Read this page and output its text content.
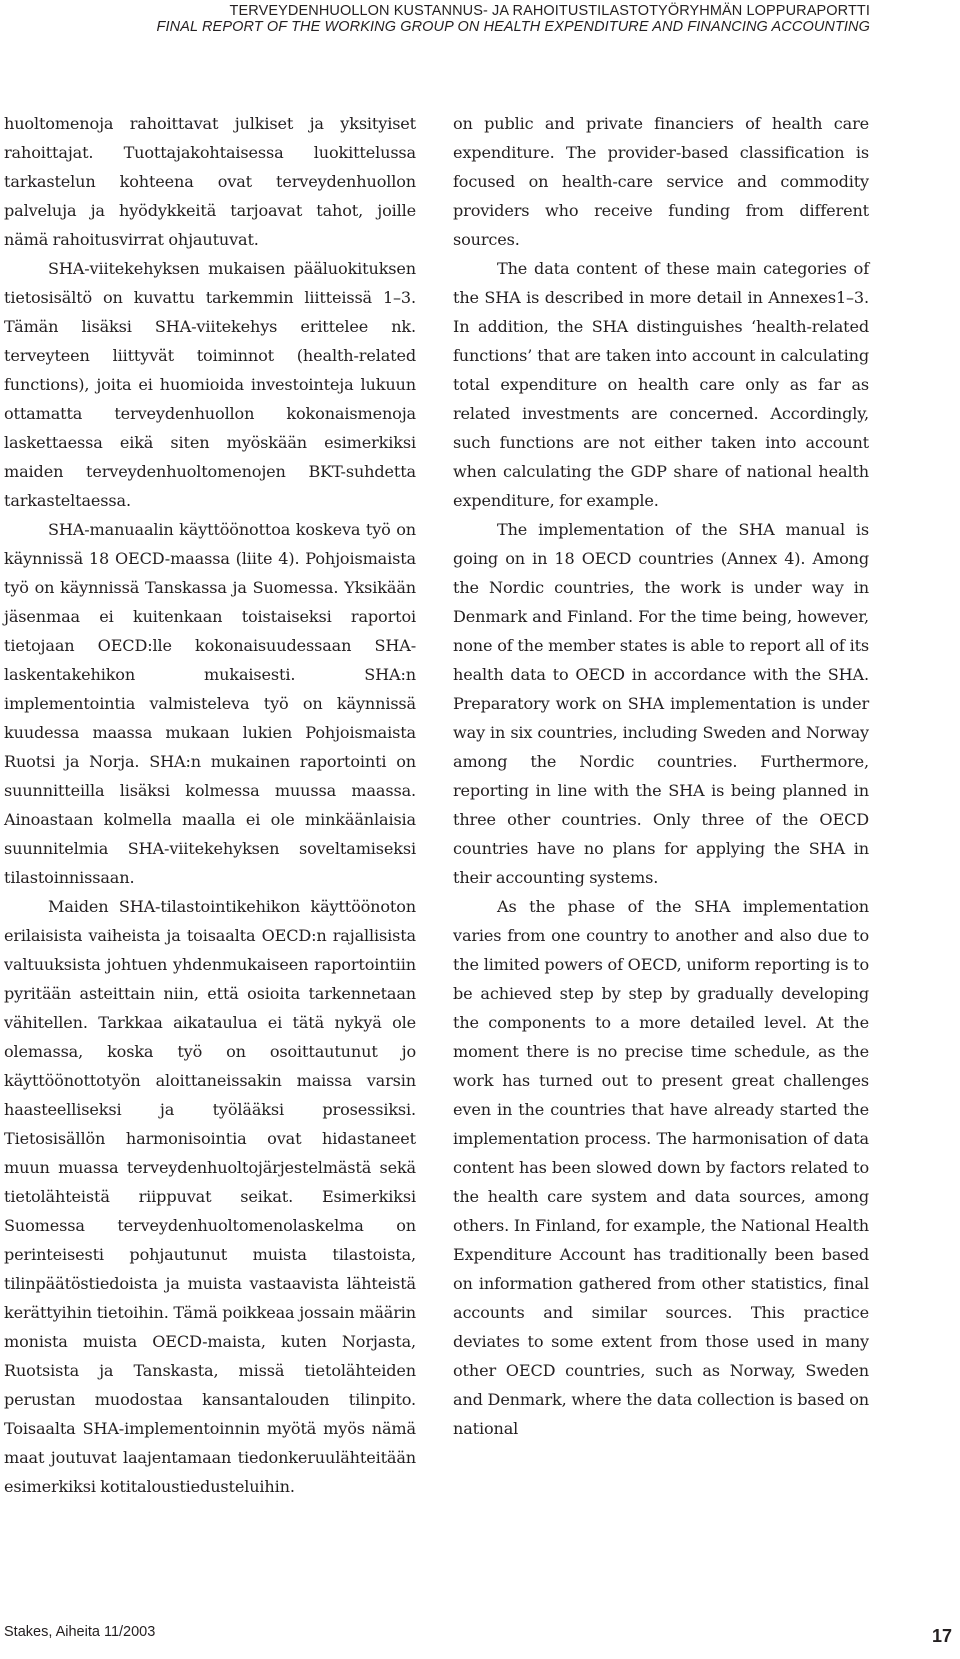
TERVEYDENHUOLLON KUSTANNUS- JA RAHOITUSTILASTOTYÖRYHMÄN LOPPURAPORTTI
FINAL REPORT OF THE WORKING GROUP ON HEALTH EXPENDITURE AND FINANCING ACCOUNTING

huoltomenoja rahoittavat julkiset ja yksityiset rahoittajat. Tuottajakohtaisessa luokittelussa tarkastelun kohteena ovat terveydenhuollon palveluja ja hyödykkeitä tarjoavat tahot, joille nämä rahoitusvirrat ohjautuvat.

SHA-viitekehyksen mukaisen pääluokituksen tietosisältö on kuvattu tarkemmin liitteissä 1–3. Tämän lisäksi SHA-viitekehys erittelee nk. terveyteen liittyvät toiminnot (health-related functions), joita ei huomioida investointeja lukuun ottamatta terveydenhuollon kokonaismenoja laskettaessa eikä siten myöskään esimerkiksi maiden terveydenhuoltomenojen BKT-suhdetta tarkasteltaessa.

SHA-manuaalin käyttöönottoa koskeva työ on käynnissä 18 OECD-maassa (liite 4). Pohjoismaista työ on käynnissä Tanskassa ja Suomessa. Yksikään jäsenmaa ei kuitenkaan toistaiseksi raportoi tietojaan OECD:lle kokonaisuudessaan SHA-laskentakehikon mukaisesti. SHA:n implementointia valmisteleva työ on käynnissä kuudessa maassa mukaan lukien Pohjoismaista Ruotsi ja Norja. SHA:n mukainen raportointi on suunnitteilla lisäksi kolmessa muussa maassa. Ainoastaan kolmella maalla ei ole minkäänlaisia suunnitelmia SHA-viitekehyksen soveltamiseksi tilastoinnissaan.

Maiden SHA-tilastointikehikon käyttöönoton erilaisista vaiheista ja toisaalta OECD:n rajallisista valtuuksista johtuen yhdenmukaiseen raportointiin pyritään asteittain niin, että osioita tarkennetaan vähitellen. Tarkkaa aikataulua ei tätä nykyä ole olemassa, koska työ on osoittautunut jo käyttöönottotyön aloittaneissakin maissa varsin haasteelliseksi ja työlääksi prosessiksi. Tietosisällön harmonisointia ovat hidastaneet muun muassa terveydenhuoltojärjestelmästä sekä tietolähteistä riippuvat seikat. Esimerkiksi Suomessa terveydenhuoltomenolaskelma on perinteisesti pohjautunut muista tilastoista, tilinpäätöstiedoista ja muista vastaavista lähteistä kerättyihin tietoihin. Tämä poikkeaa jossain määrin monista muista OECD-maista, kuten Norjasta, Ruotsista ja Tanskasta, missä tietolähteiden perustan muodostaa kansantalouden tilinpito. Toisaalta SHA-implementoinnin myötä myös nämä maat joutuvat laajentamaan tiedonkeruulähteitään esimerkiksi kotitaloustiedusteluihin.

on public and private financiers of health care expenditure. The provider-based classification is focused on health-care service and commodity providers who receive funding from different sources.

The data content of these main categories of the SHA is described in more detail in Annexes1–3. In addition, the SHA distinguishes ‘health-related functions’ that are taken into account in calculating total expenditure on health care only as far as related investments are concerned. Accordingly, such functions are not either taken into account when calculating the GDP share of national health expenditure, for example.

The implementation of the SHA manual is going on in 18 OECD countries (Annex 4). Among the Nordic countries, the work is under way in Denmark and Finland. For the time being, however, none of the member states is able to report all of its health data to OECD in accordance with the SHA. Preparatory work on SHA implementation is under way in six countries, including Sweden and Norway among the Nordic countries. Furthermore, reporting in line with the SHA is being planned in three other countries. Only three of the OECD countries have no plans for applying the SHA in their accounting systems.

As the phase of the SHA implementation varies from one country to another and also due to the limited powers of OECD, uniform reporting is to be achieved step by step by gradually developing the components to a more detailed level. At the moment there is no precise time schedule, as the work has turned out to present great challenges even in the countries that have already started the implementation process. The harmonisation of data content has been slowed down by factors related to the health care system and data sources, among others. In Finland, for example, the National Health Expenditure Account has traditionally been based on information gathered from other statistics, final accounts and similar sources. This practice deviates to some extent from those used in many other OECD countries, such as Norway, Sweden and Denmark, where the data collection is based on national

Stakes, Aiheita 11/2003	17
